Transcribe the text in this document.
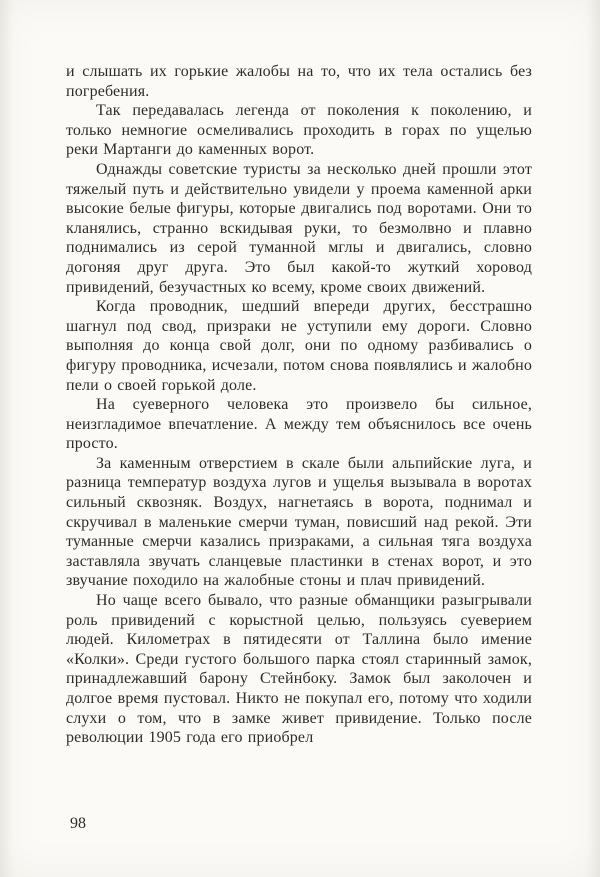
и слышать их горькие жалобы на то, что их тела остались без погребения.

Так передавалась легенда от поколения к поколению, и только немногие осмеливались проходить в горах по ущелью реки Мартанги до каменных ворот.

Однажды советские туристы за несколько дней прошли этот тяжелый путь и действительно увидели у проема каменной арки высокие белые фигуры, которые двигались под воротами. Они то кланялись, странно вскидывая руки, то безмолвно и плавно поднимались из серой туманной мглы и двигались, словно догоняя друг друга. Это был какой-то жуткий хоровод привидений, безучастных ко всему, кроме своих движений.

Когда проводник, шедший впереди других, бесстрашно шагнул под свод, призраки не уступили ему дороги. Словно выполняя до конца свой долг, они по одному разбивались о фигуру проводника, исчезали, потом снова появлялись и жалобно пели о своей горькой доле.

На суеверного человека это произвело бы сильное, неизгладимое впечатление. А между тем объяснилось все очень просто.

За каменным отверстием в скале были альпийские луга, и разница температур воздуха лугов и ущелья вызывала в воротах сильный сквозняк. Воздух, нагнетаясь в ворота, поднимал и скручивал в маленькие смерчи туман, повисший над рекой. Эти туманные смерчи казались призраками, а сильная тяга воздуха заставляла звучать сланцевые пластинки в стенах ворот, и это звучание походило на жалобные стоны и плач привидений.

Но чаще всего бывало, что разные обманщики разыгрывали роль привидений с корыстной целью, пользуясь суеверием людей. Километрах в пятидесяти от Таллина было имение «Колки». Среди густого большого парка стоял старинный замок, принадлежавший барону Стейнбоку. Замок был заколочен и долгое время пустовал. Никто не покупал его, потому что ходили слухи о том, что в замке живет привидение. Только после революции 1905 года его приобрел

98
